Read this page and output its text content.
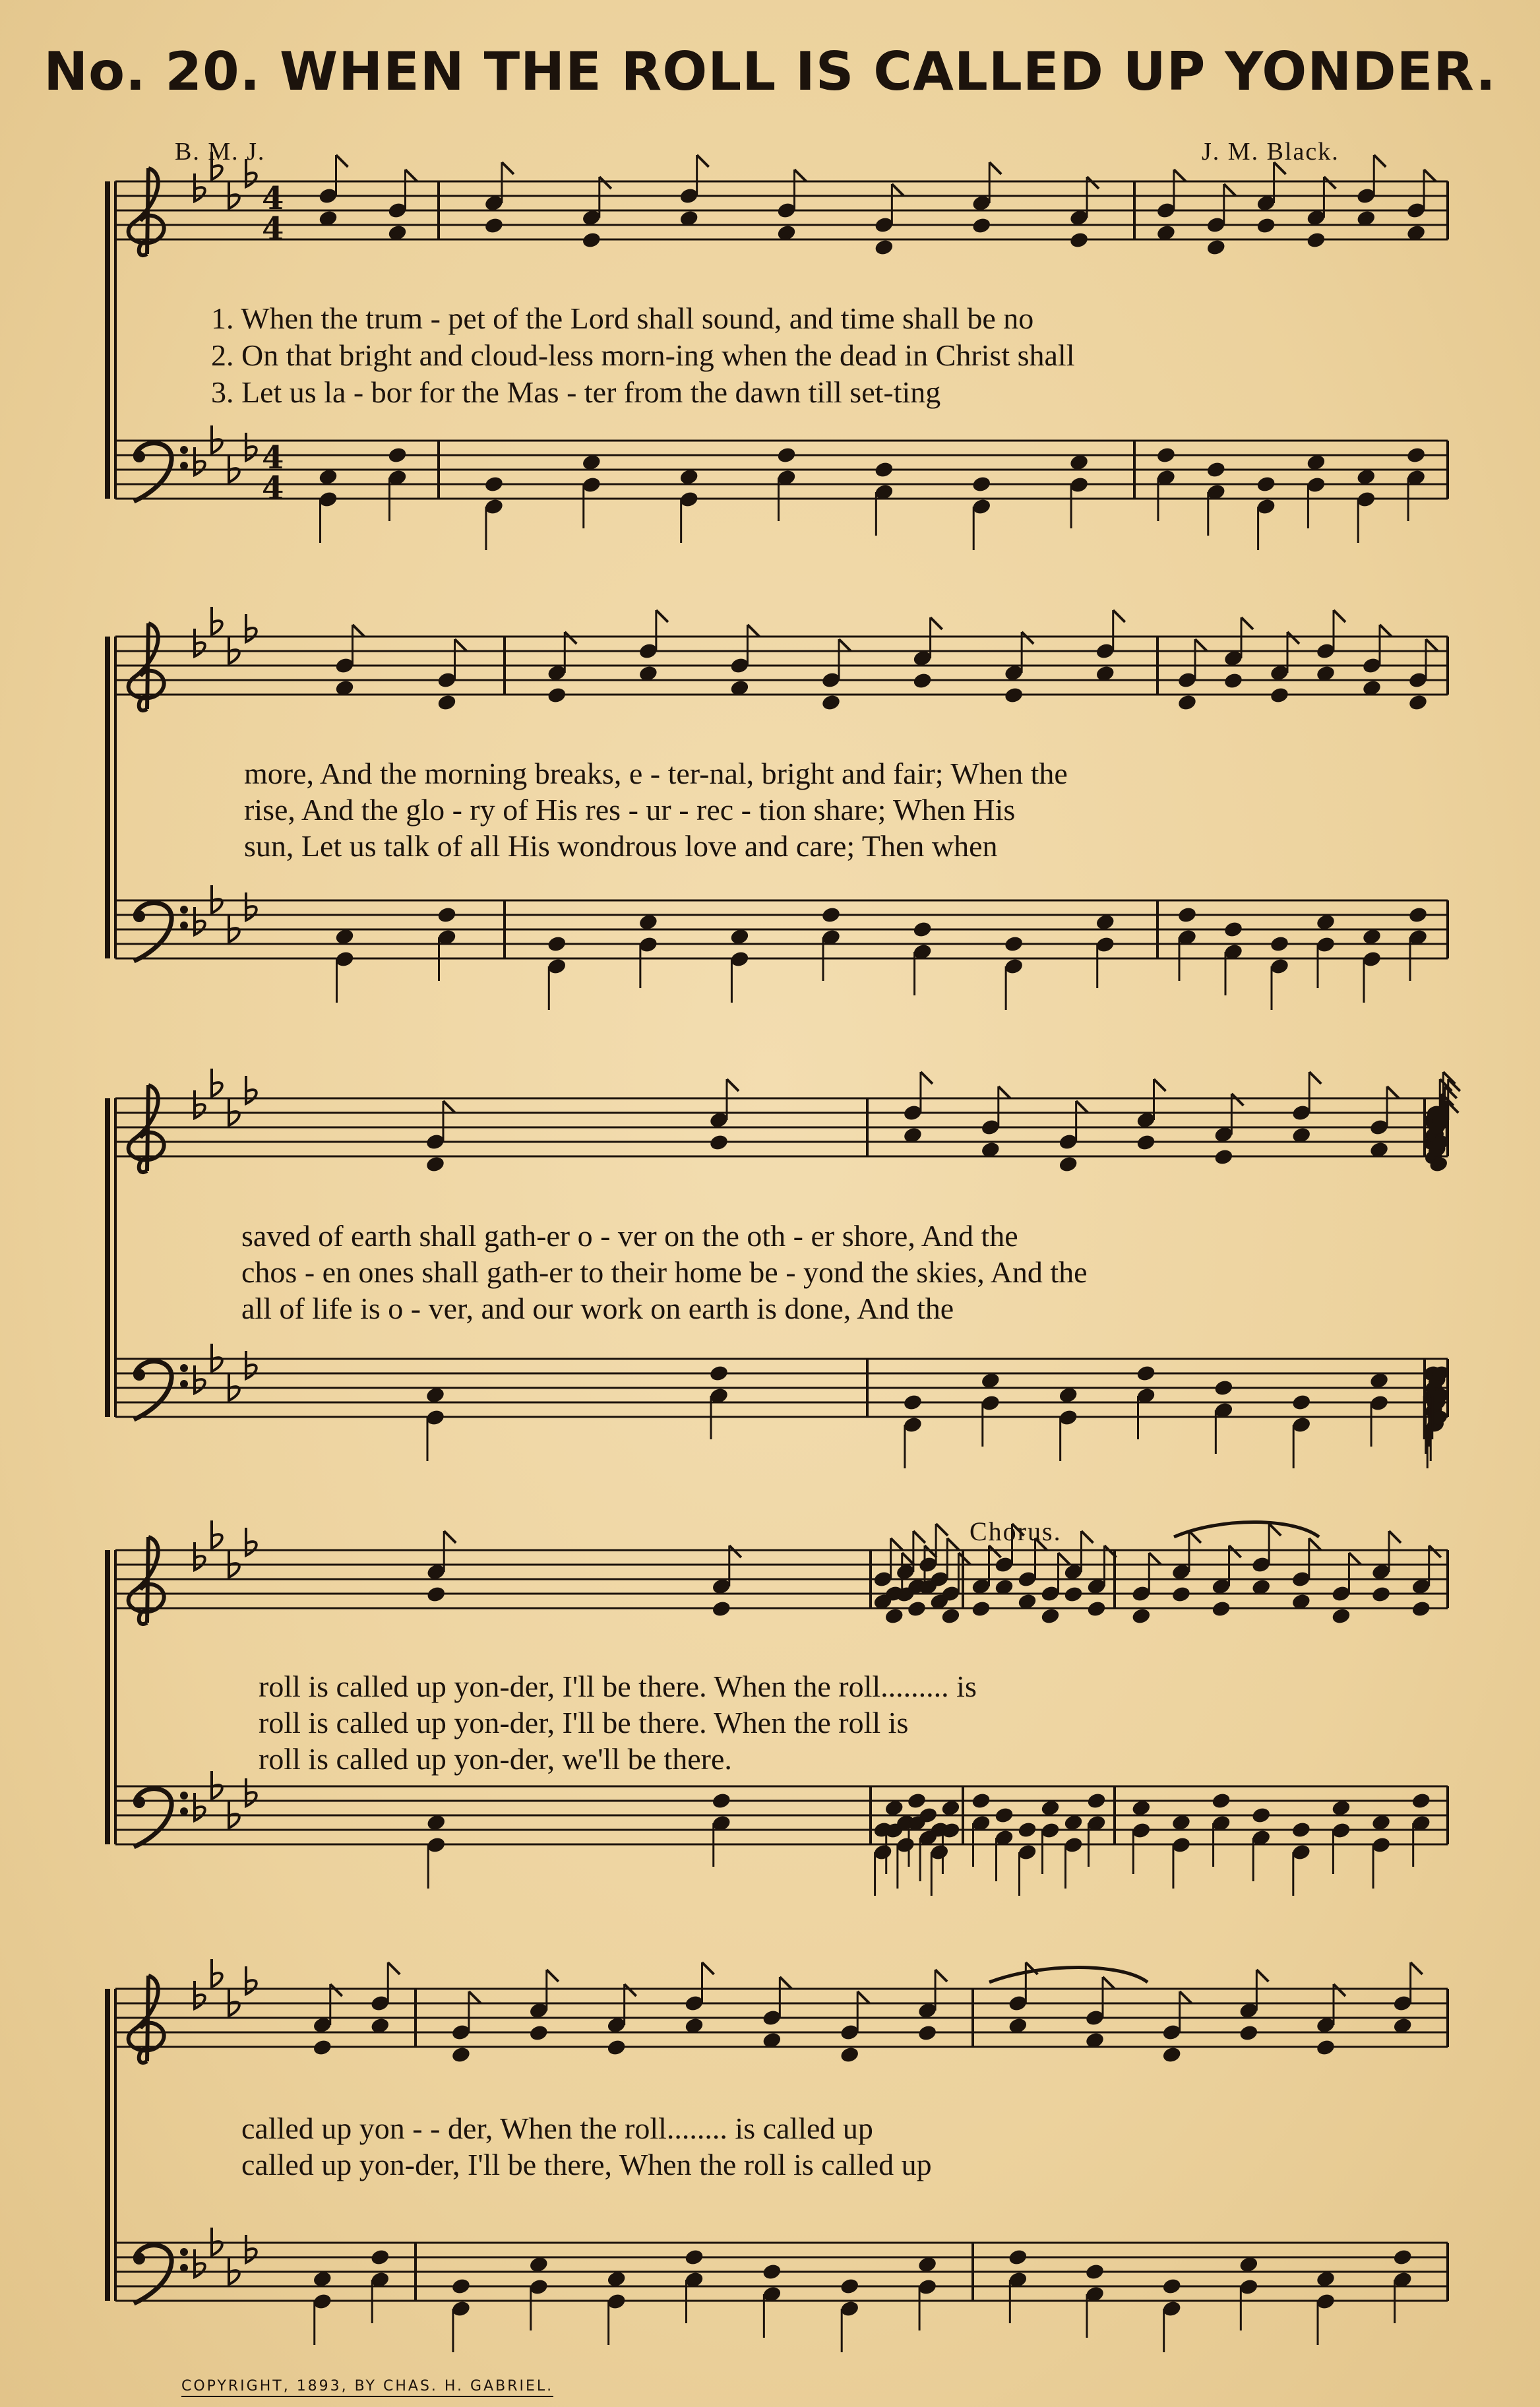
No. 20. WHEN THE ROLL IS CALLED UP YONDER.
B. M. J.	J. M. Black.
Chorus.
4
4
4
4
1. When the trum - pet of the Lord shall sound, and time shall be no
2. On that bright and cloud-less morn-ing when the dead in Christ shall
3. Let us la - bor for the Mas - ter from the dawn till set-ting
more, And the morning breaks, e - ter-nal, bright and fair; When the
rise, And the glo - ry of His res - ur - rec - tion share; When His
sun, Let us talk of all His wondrous love and care; Then when
saved of earth shall gath-er o - ver on the oth - er shore, And the
chos - en ones shall gath-er to their home be - yond the skies, And the
all of life is o - ver, and our work on earth is done, And the
roll is called up yon-der, I'll be there. When the roll......... is
roll is called up yon-der, I'll be there. When the roll is
roll is called up yon-der, we'll be there.
called up yon - - der, When the roll........ is called up
called up yon-der, I'll be there, When the roll is called up
COPYRIGHT, 1893, BY CHAS. H. GABRIEL.
